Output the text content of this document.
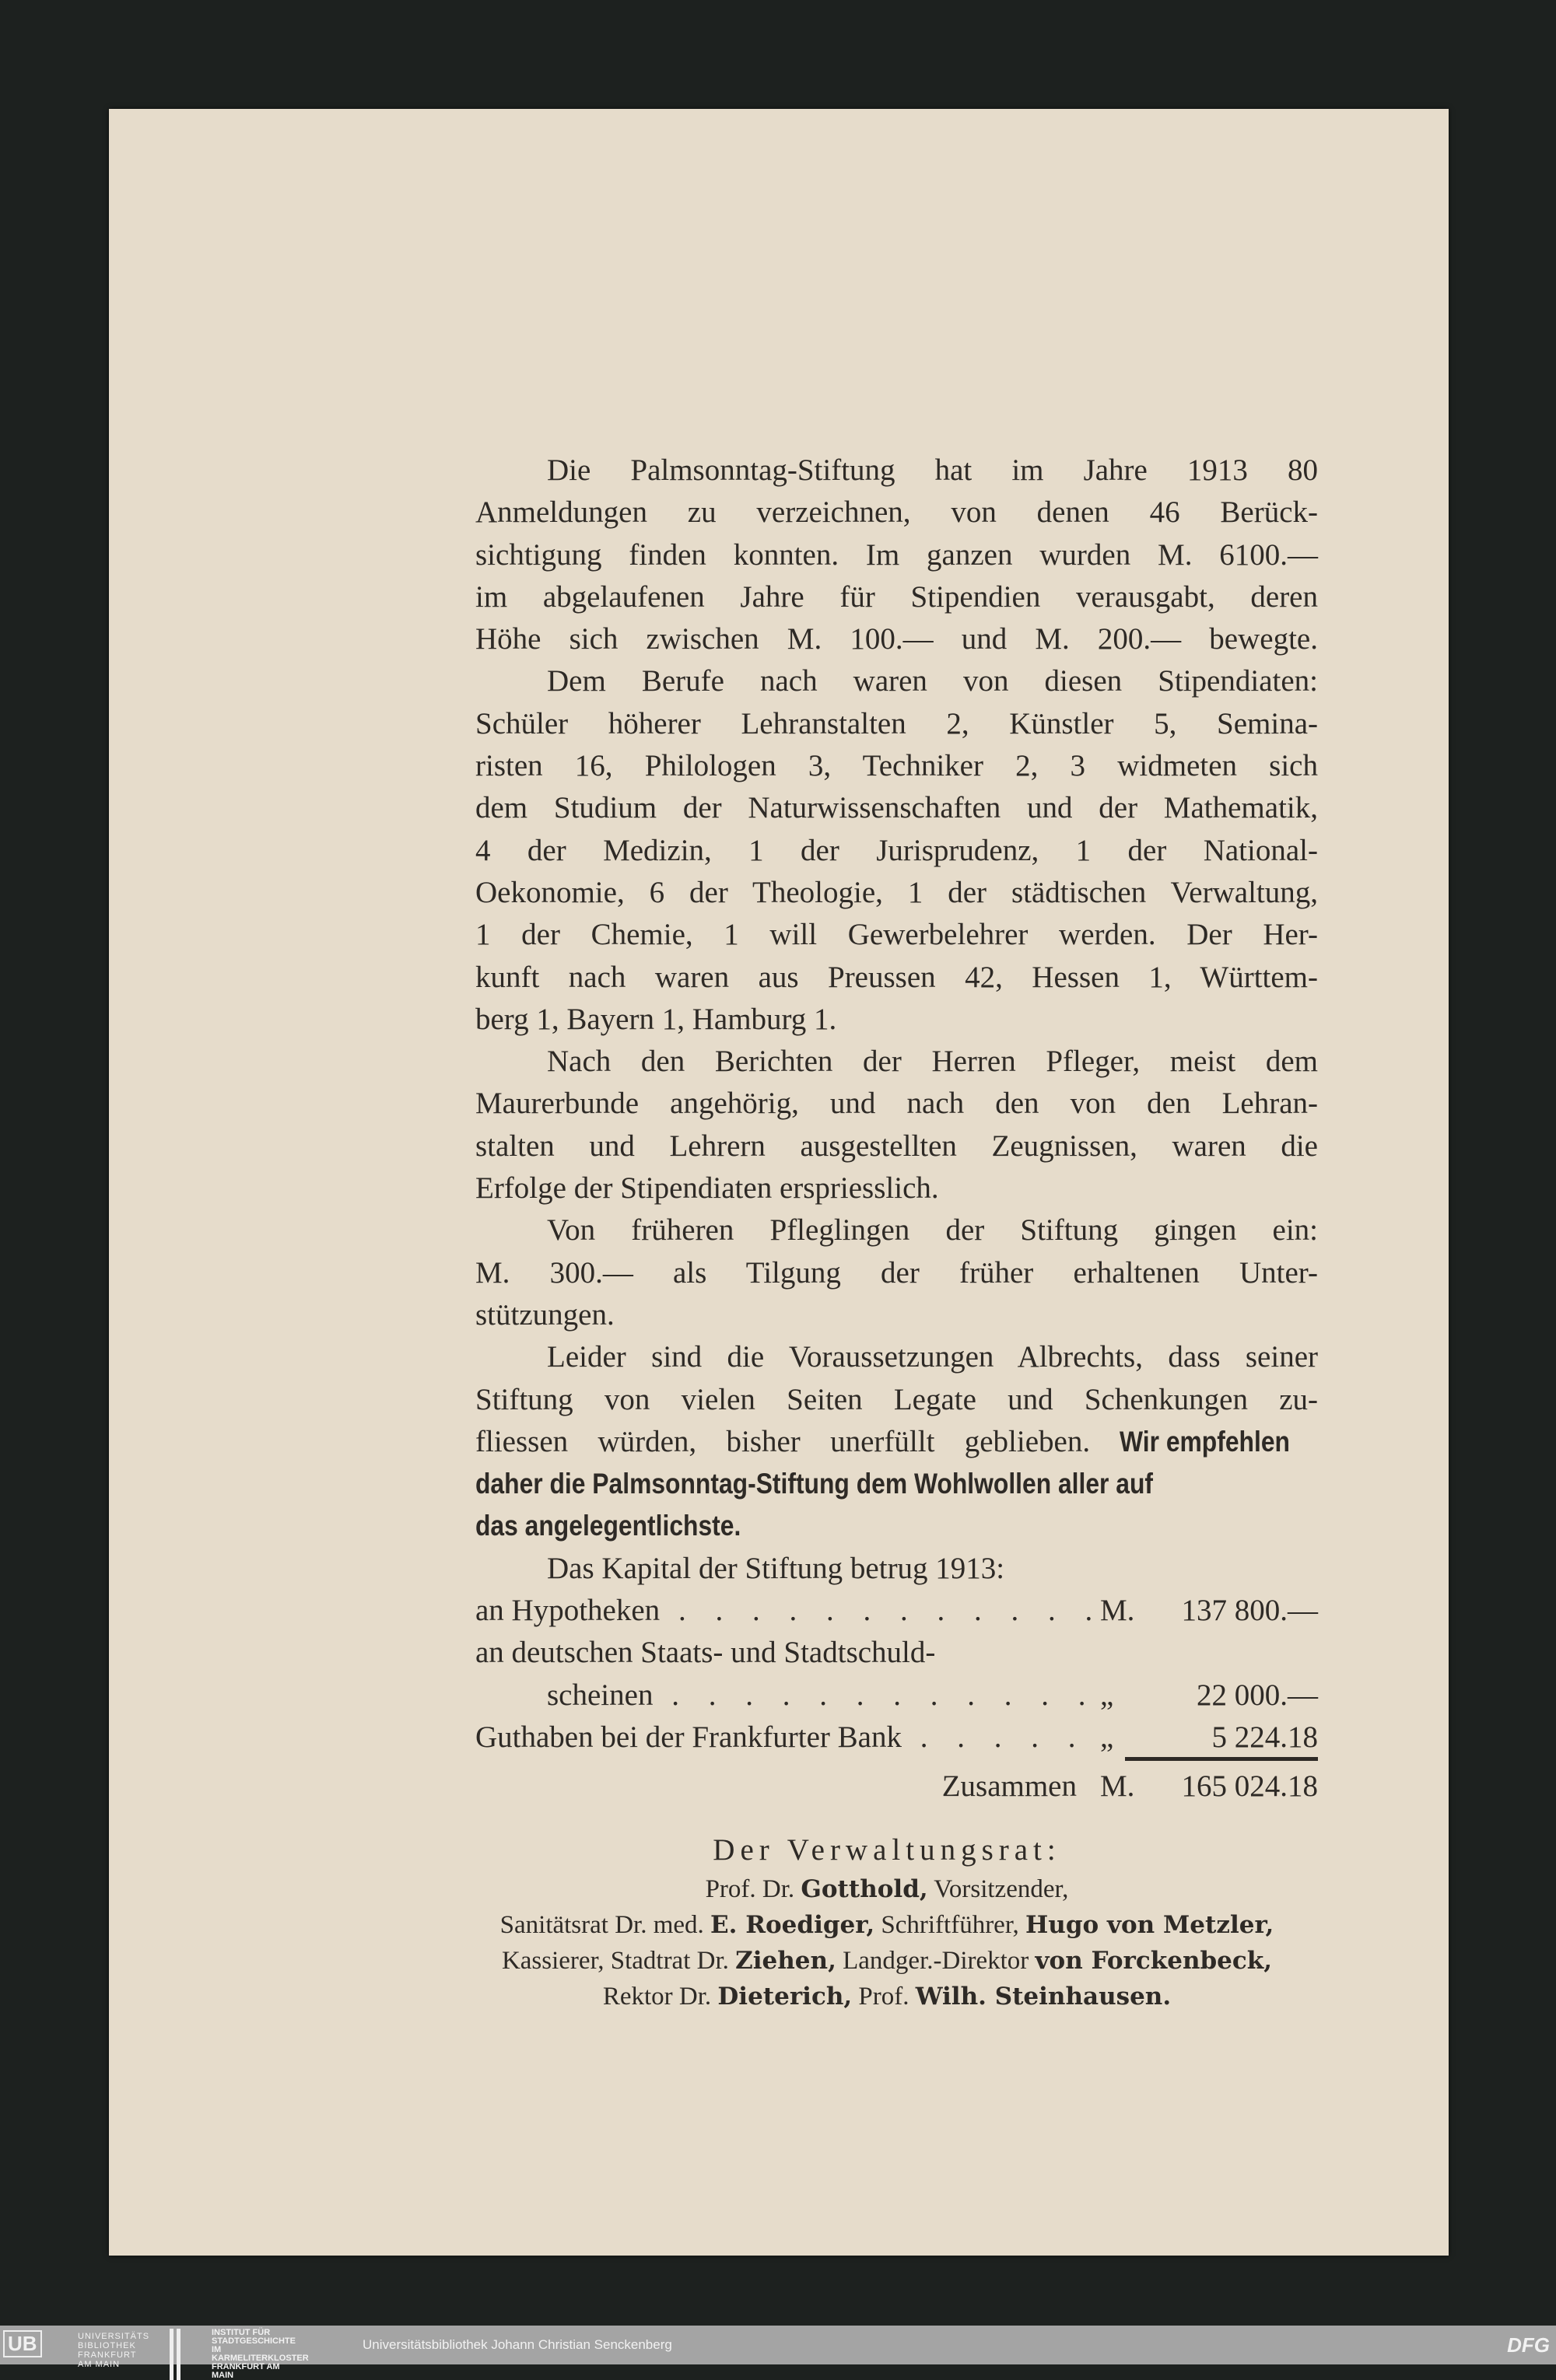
Die Palmsonntag-Stiftung hat im Jahre 1913 80
Anmeldungen zu verzeichnen, von denen 46 Berück-
sichtigung finden konnten. Im ganzen wurden M. 6100.—
im abgelaufenen Jahre für Stipendien verausgabt, deren
Höhe sich zwischen M. 100.— und M. 200.— bewegte.
Dem Berufe nach waren von diesen Stipendiaten:
Schüler höherer Lehranstalten 2, Künstler 5, Semina-
risten 16, Philologen 3, Techniker 2, 3 widmeten sich
dem Studium der Naturwissenschaften und der Mathematik,
4 der Medizin, 1 der Jurisprudenz, 1 der National-
Oekonomie, 6 der Theologie, 1 der städtischen Verwaltung,
1 der Chemie, 1 will Gewerbelehrer werden. Der Her-
kunft nach waren aus Preussen 42, Hessen 1, Württem-
berg 1, Bayern 1, Hamburg 1.
Nach den Berichten der Herren Pfleger, meist dem
Maurerbunde angehörig, und nach den von den Lehran-
stalten und Lehrern ausgestellten Zeugnissen, waren die
Erfolge der Stipendiaten erspriesslich.
Von früheren Pfleglingen der Stiftung gingen ein:
M. 300.— als Tilgung der früher erhaltenen Unter-
stützungen.
Leider sind die Voraussetzungen Albrechts, dass seiner
Stiftung von vielen Seiten Legate und Schenkungen zu-
fliessen würden, bisher unerfüllt geblieben. Wir empfehlen
daher die Palmsonntag-Stiftung dem Wohlwollen aller auf
das angelegentlichste.
Das Kapital der Stiftung betrug 1913:
an Hypotheken . . .	M.	137 800.—
an deutschen Staats- und Stadtschuld-
scheinen . . .	„	22 000.—
Guthaben bei der Frankfurter Bank . . .	„	5 224.18
Zusammen M.	165 024.18
Der Verwaltungsrat:
Prof. Dr. Gotthold, Vorsitzender,
Sanitätsrat Dr. med. E. Roediger, Schriftführer, Hugo von Metzler,
Kassierer, Stadtrat Dr. Ziehen, Landger.-Direktor von Forckenbeck,
Rektor Dr. Dieterich, Prof. Wilh. Steinhausen.
UB	UNIVERSITÄTS BIBLIOTHEK FRANKFURT AM MAIN
INSTITUT FÜR STADTGESCHICHTE IM KARMELITERKLOSTER FRANKFURT AM MAIN
Universitätsbibliothek Johann Christian Senckenberg	DFG
